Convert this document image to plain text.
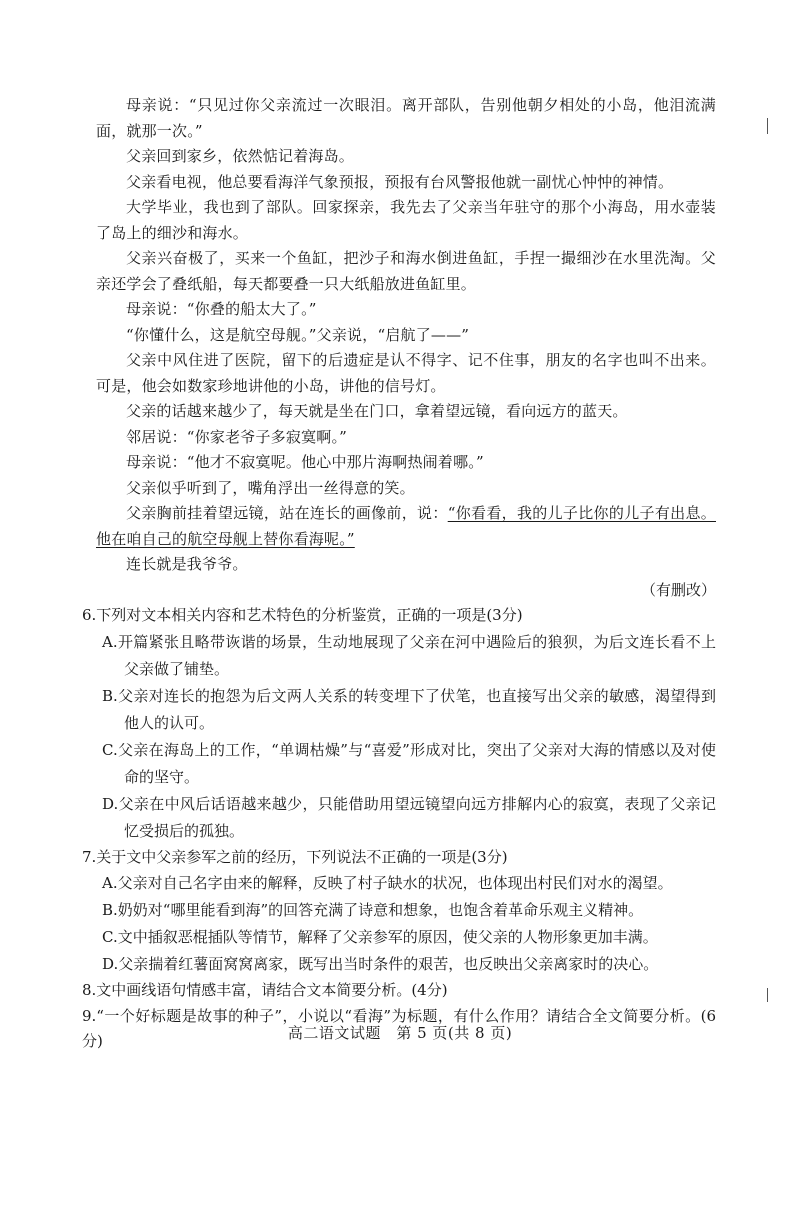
母亲说：“只见过你父亲流过一次眼泪。离开部队，告别他朝夕相处的小岛，他泪流满面，就那一次。”

父亲回到家乡，依然惦记着海岛。

父亲看电视，他总要看海洋气象预报，预报有台风警报他就一副忧心忡忡的神情。

大学毕业，我也到了部队。回家探亲，我先去了父亲当年驻守的那个小海岛，用水壶装了岛上的细沙和海水。

父亲兴奋极了，买来一个鱼缸，把沙子和海水倒进鱼缸，手捏一撮细沙在水里洗淘。父亲还学会了叠纸船，每天都要叠一只大纸船放进鱼缸里。

母亲说：“你叠的船太大了。”

“你懂什么，这是航空母舰。”父亲说，“启航了——”

父亲中风住进了医院，留下的后遗症是认不得字、记不住事，朋友的名字也叫不出来。可是，他会如数家珍地讲他的小岛，讲他的信号灯。

父亲的话越来越少了，每天就是坐在门口，拿着望远镜，看向远方的蓝天。

邻居说：“你家老爷子多寂寞啊。”

母亲说：“他才不寂寞呢。他心中那片海啊热闹着哪。”

父亲似乎听到了，嘴角浮出一丝得意的笑。

父亲胸前挂着望远镜，站在连长的画像前，说：“你看看，我的儿子比你的儿子有出息。他在咱自己的航空母舰上替你看海呢。”

连长就是我爷爷。

（有删改）

6.下列对文本相关内容和艺术特色的分析鉴赏，正确的一项是(3分)

A.开篇紧张且略带诙谐的场景，生动地展现了父亲在河中遇险后的狼狈，为后文连长看不上父亲做了铺垫。

B.父亲对连长的抱怨为后文两人关系的转变埋下了伏笔，也直接写出父亲的敏感，渴望得到他人的认可。

C.父亲在海岛上的工作，“单调枯燥”与“喜爱”形成对比，突出了父亲对大海的情感以及对使命的坚守。

D.父亲在中风后话语越来越少，只能借助用望远镜望向远方排解内心的寂寞，表现了父亲记忆受损后的孤独。

7.关于文中父亲参军之前的经历，下列说法不正确的一项是(3分)

A.父亲对自己名字由来的解释，反映了村子缺水的状况，也体现出村民们对水的渴望。

B.奶奶对“哪里能看到海”的回答充满了诗意和想象，也饱含着革命乐观主义精神。

C.文中插叙恶棍插队等情节，解释了父亲参军的原因，使父亲的人物形象更加丰满。

D.父亲揣着红薯面窝窝离家，既写出当时条件的艰苦，也反映出父亲离家时的决心。

8.文中画线语句情感丰富，请结合文本简要分析。(4分)

9.“一个好标题是故事的种子”，小说以“看海”为标题，有什么作用？请结合全文简要分析。(6分)	高二语文试题　第 5 页(共 8 页)
